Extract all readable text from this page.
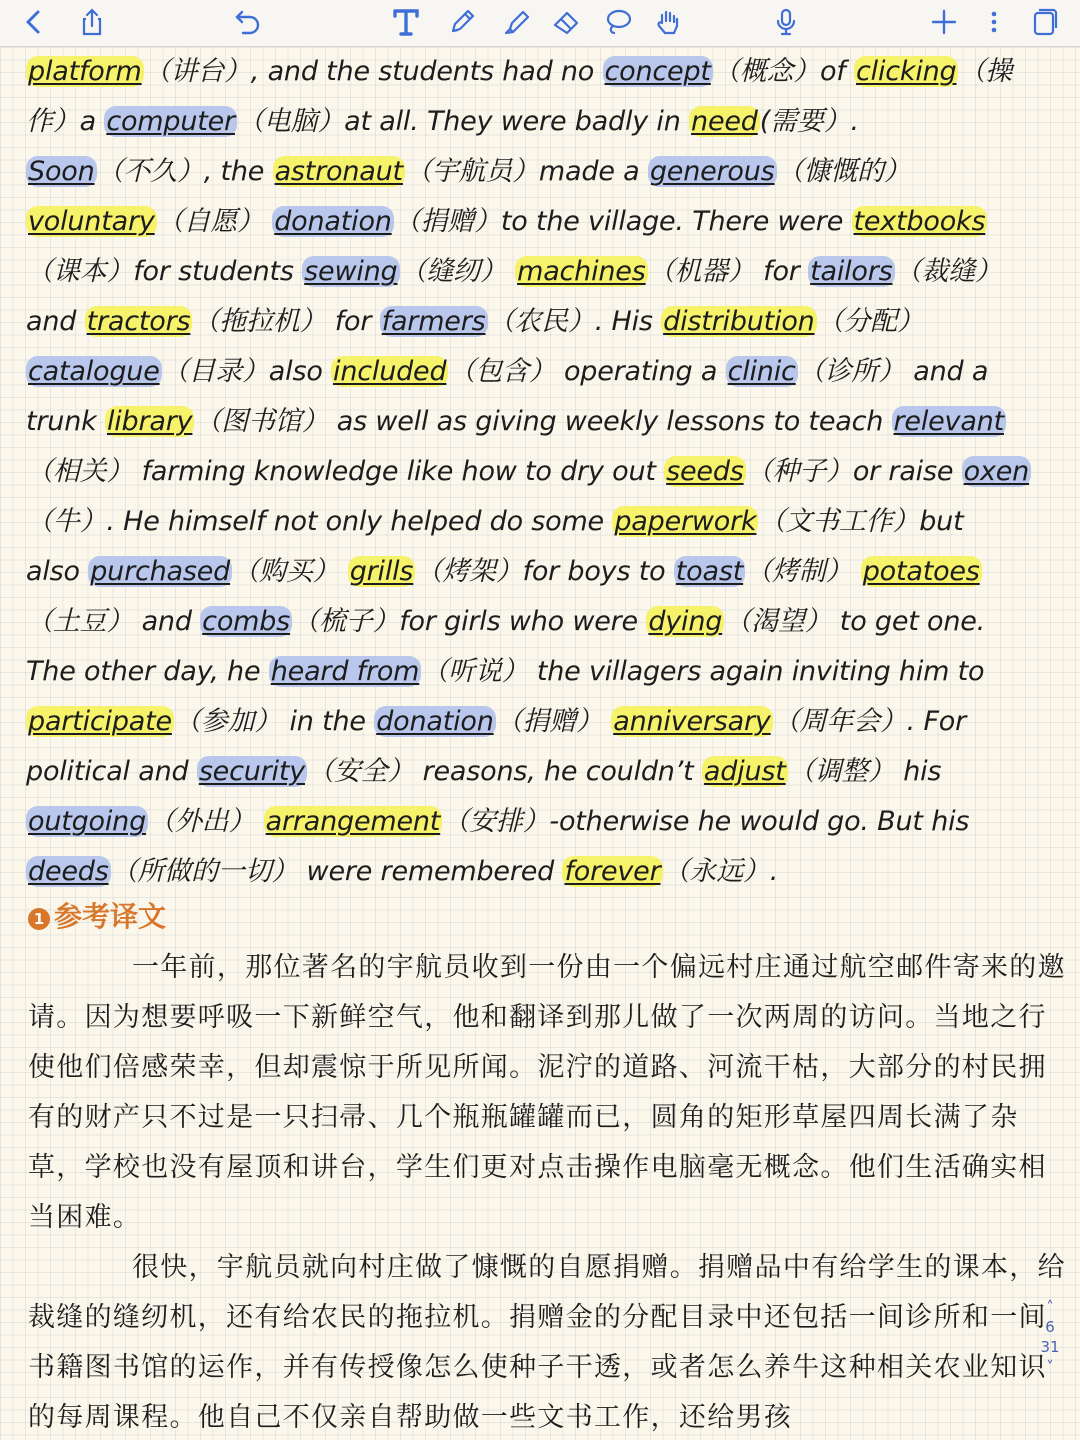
platform（讲台）, and the students had no concept（概念）of clicking（操
作）a computer（电脑）at all. They were badly in need(需要）.
Soon（不久）, the astronaut（宇航员）made a generous（慷慨的）
voluntary（自愿） donation（捐赠）to the village. There were textbooks
（课本）for students sewing（缝纫） machines（机器） for tailors（裁缝）
and tractors（拖拉机） for farmers（农民）. His distribution（分配）
catalogue（目录）also included（包含） operating a clinic（诊所） and a
trunk library（图书馆） as well as giving weekly lessons to teach relevant
（相关） farming knowledge like how to dry out seeds（种子）or raise oxen
（牛）. He himself not only helped do some paperwork（文书工作）but
also purchased（购买） grills（烤架）for boys to toast（烤制） potatoes
（土豆） and combs（梳子）for girls who were dying（渴望） to get one.
The other day, he heard from（听说） the villagers again inviting him to
participate（参加） in the donation（捐赠） anniversary（周年会）. For
political and security（安全） reasons, he couldn’t adjust（调整） his
outgoing（外出） arrangement（安排）-otherwise he would go. But his
deeds（所做的一切） were remembered forever（永远）.
1 参考译文

一年前，那位著名的宇航员收到一份由一个偏远村庄通过航空邮件寄来的邀请。因为想要呼吸一下新鲜空气，他和翻译到那儿做了一次两周的访问。当地之行使他们倍感荣幸，但却震惊于所见所闻。泥泞的道路、河流干枯，大部分的村民拥有的财产只不过是一只扫帚、几个瓶瓶罐罐而已，圆角的矩形草屋四周长满了杂草，学校也没有屋顶和讲台，学生们更对点击操作电脑毫无概念。他们生活确实相当困难。

很快，宇航员就向村庄做了慷慨的自愿捐赠。捐赠品中有给学生的课本，给裁缝的缝纫机，还有给农民的拖拉机。捐赠金的分配目录中还包括一间诊所和一间书籍图书馆的运作，并有传授像怎么使种子干透，或者怎么养牛这种相关农业知识的每周课程。他自己不仅亲自帮助做一些文书工作，还给男孩

˄
6
31
˅
